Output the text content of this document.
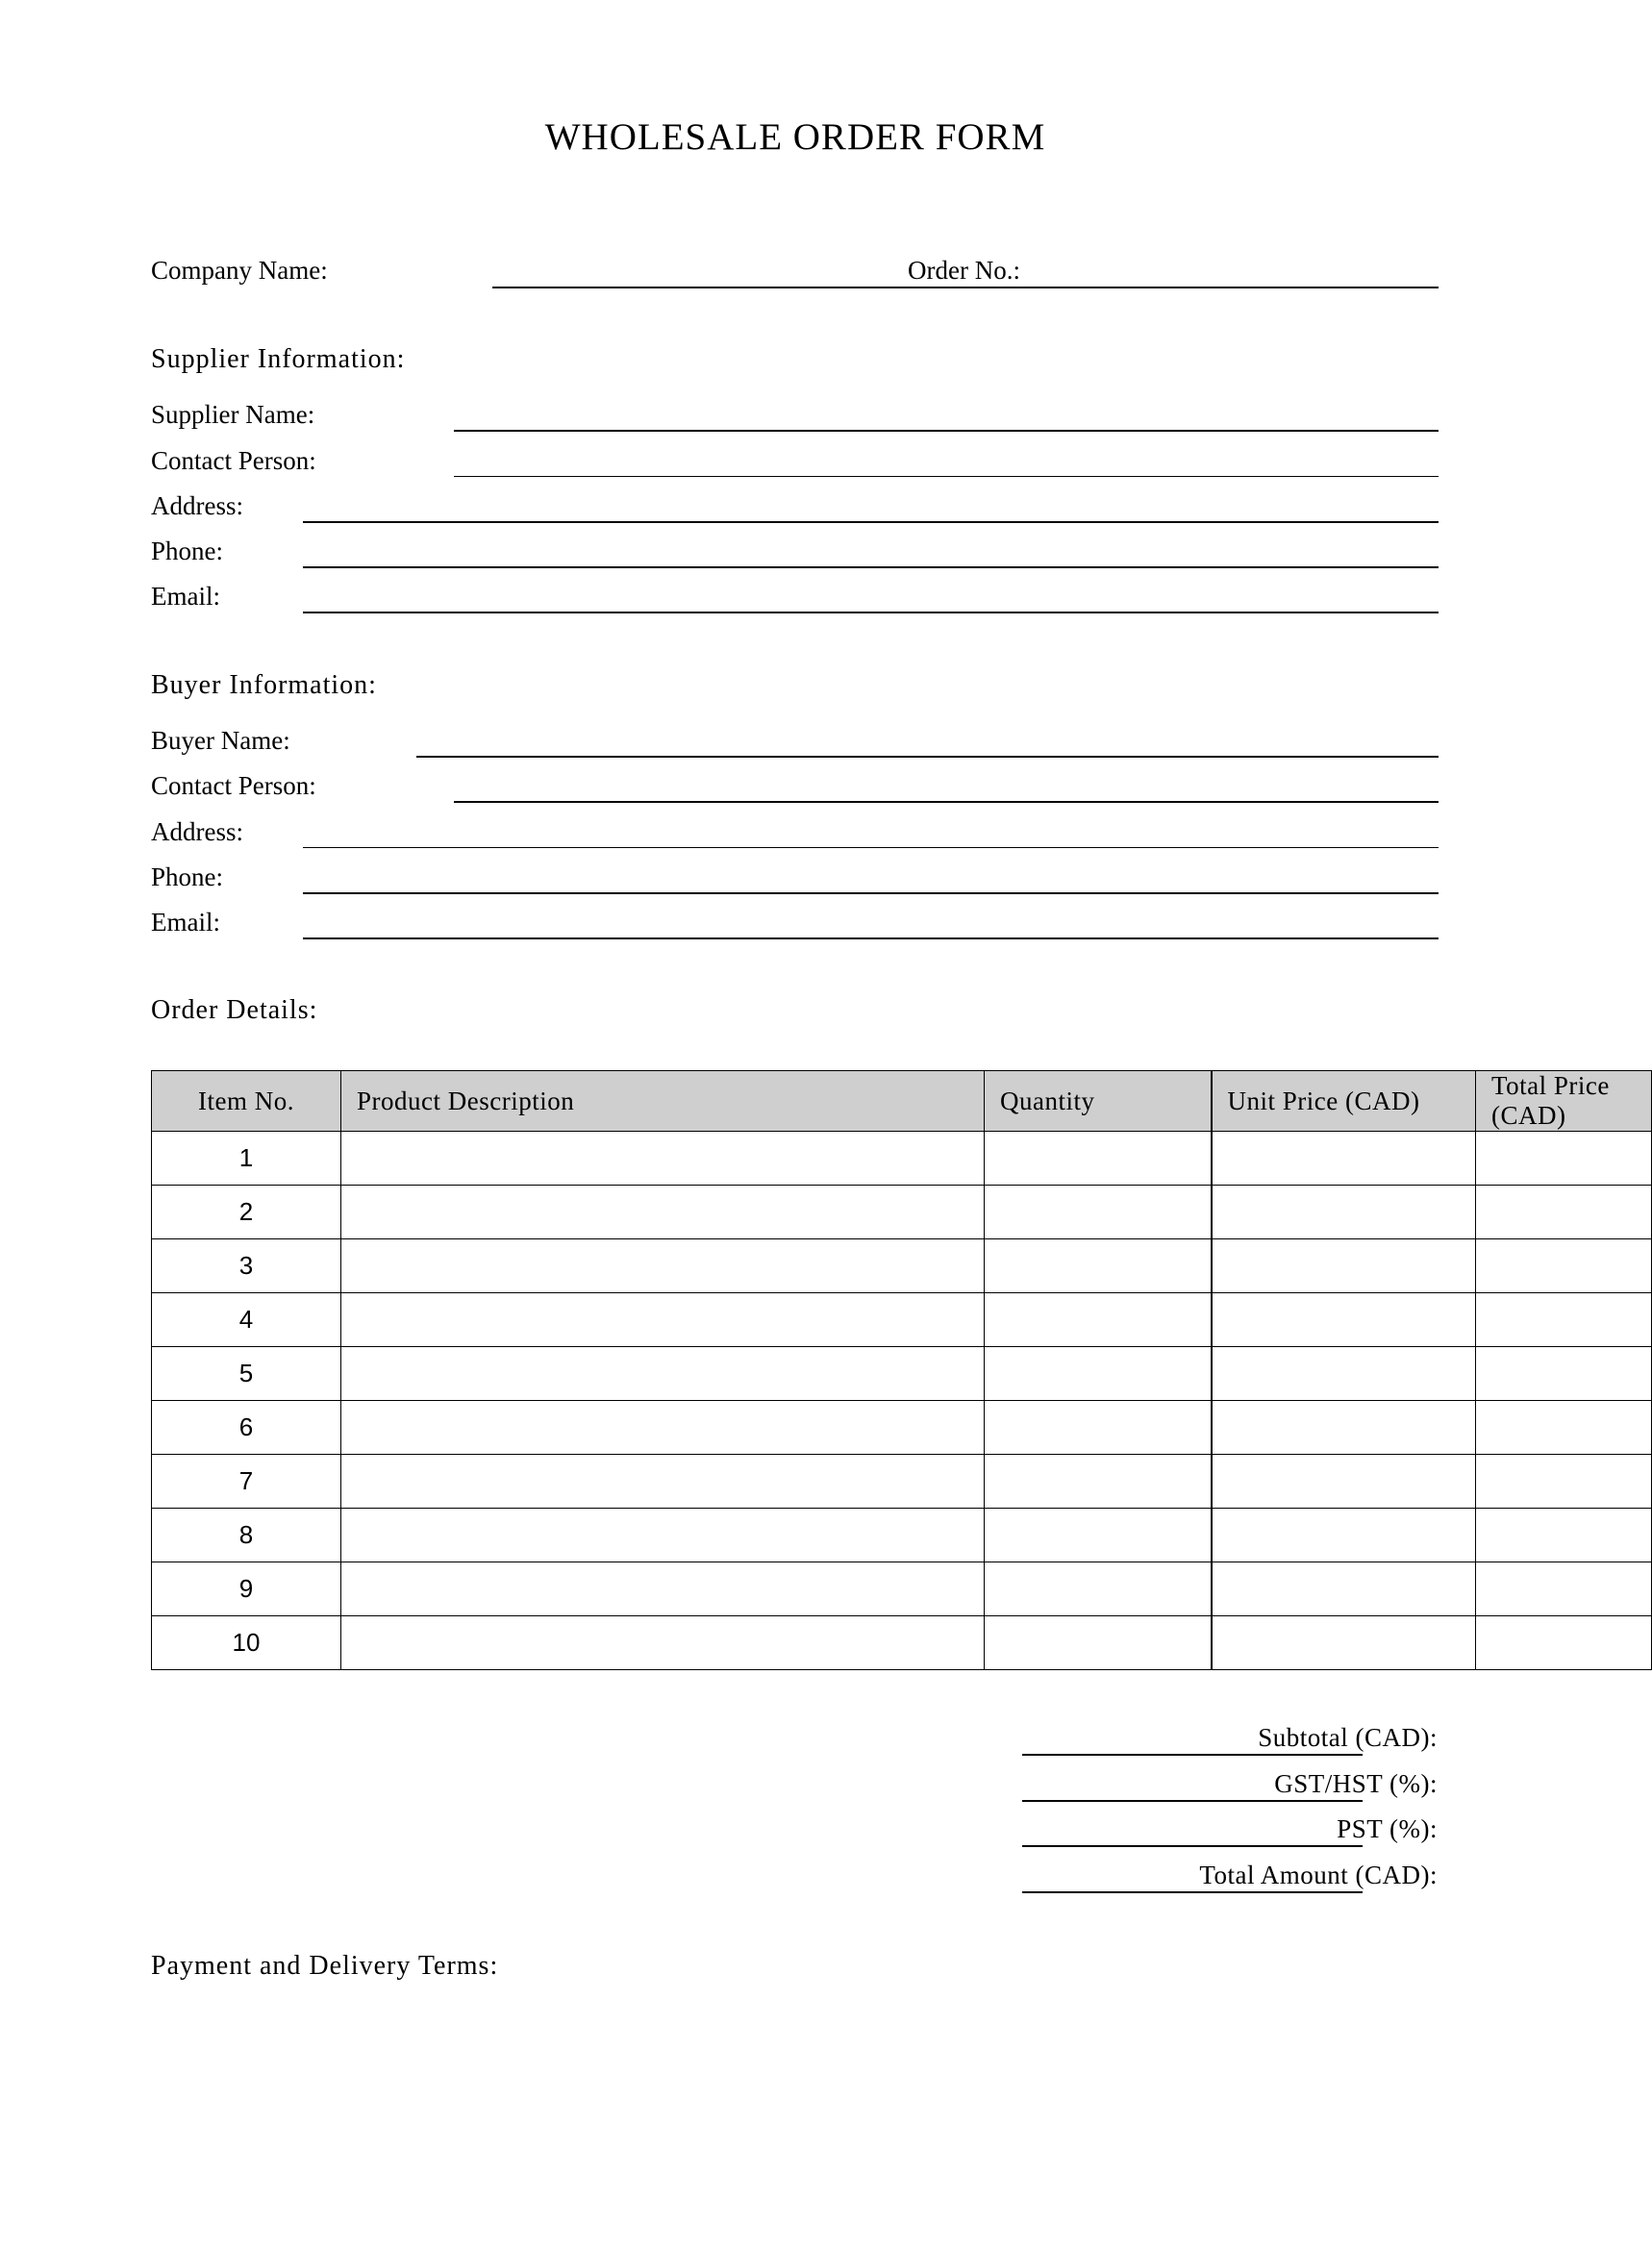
WHOLESALE ORDER FORM
Company Name:	Order No.:
Supplier Information:
Supplier Name:
Contact Person:
Address:
Phone:
Email:
Buyer Information:
Buyer Name:
Contact Person:
Address:
Phone:
Email:
Order Details:
Item No.	Product Description	Quantity	Unit Price (CAD)	Total Price (CAD)
1				
2				
3				
4				
5				
6				
7				
8				
9				
10				
Subtotal (CAD):
GST/HST (%):
PST (%):
Total Amount (CAD):
Payment and Delivery Terms:
